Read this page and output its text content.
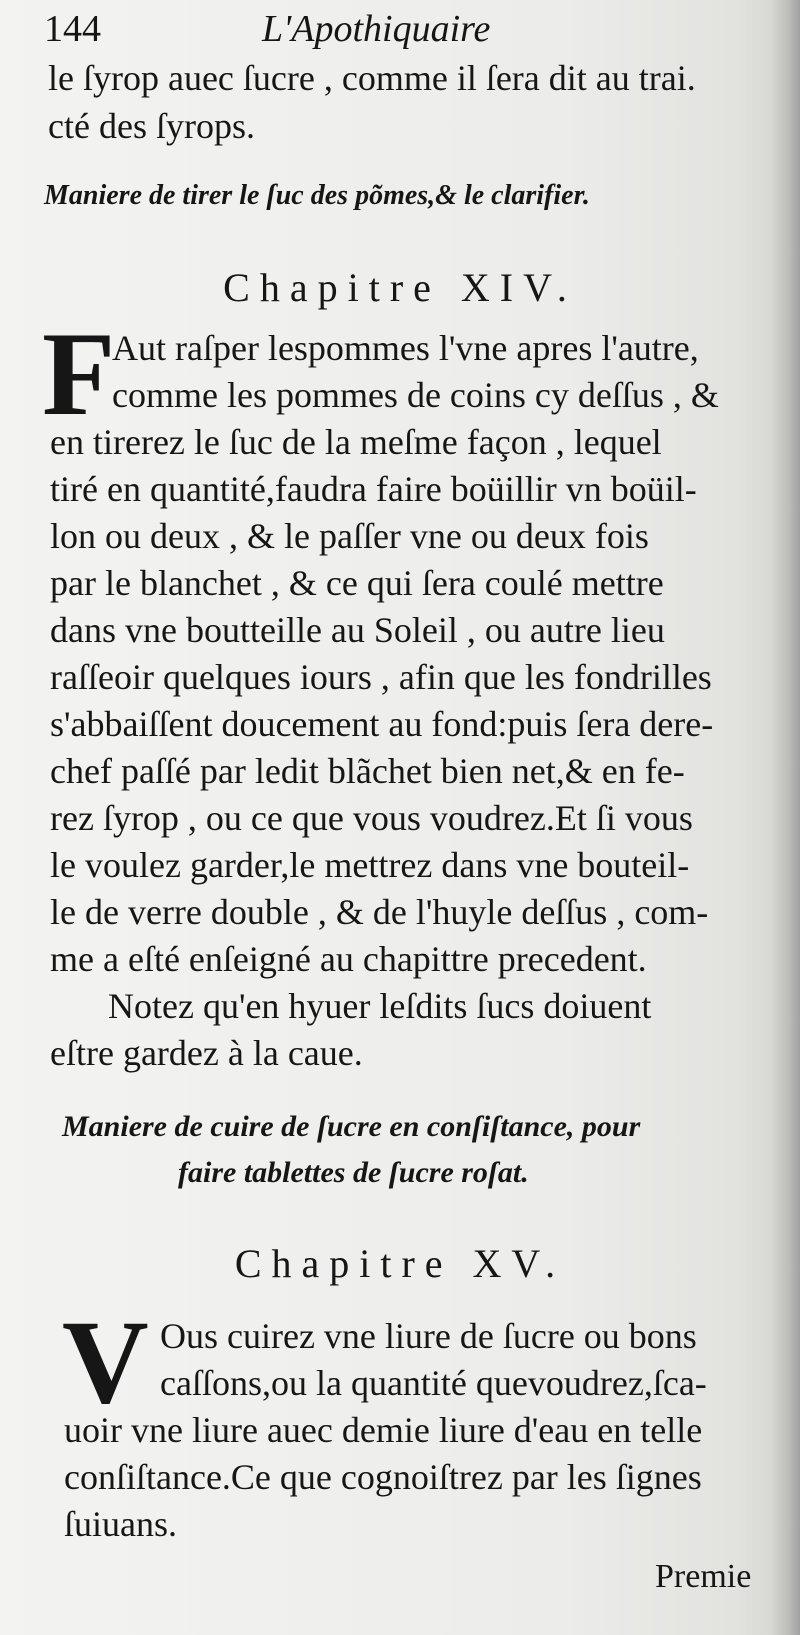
144	L'Apothiquaire
le ſyrop auec ſucre , comme il ſera dit au trai.
cté des ſyrops.
Maniere de tirer le ſuc des põmes,& le clarifier.
Chapitre XIV.
F
Aut raſper lespommes l'vne apres l'autre,
comme les pommes de coins cy deſſus , &
en tirerez le ſuc de la meſme façon , lequel
tiré en quantité,faudra faire boüillir vn boüil-
lon ou deux , & le paſſer vne ou deux fois
par le blanchet , & ce qui ſera coulé mettre
dans vne boutteille au Soleil , ou autre lieu
raſſeoir quelques iours , afin que les fondrilles
s'abbaiſſent doucement au fond:puis ſera dere-
chef paſſé par ledit blãchet bien net,& en fe-
rez ſyrop , ou ce que vous voudrez.Et ſi vous
le voulez garder,le mettrez dans vne bouteil-
le de verre double , & de l'huyle deſſus , com-
me a eſté enſeigné au chapittre precedent.
Notez qu'en hyuer leſdits ſucs doiuent
eſtre gardez à la caue.
Maniere de cuire de ſucre en conſiſtance, pour
faire tablettes de ſucre roſat.
Chapitre XV.
V Ous cuirez vne liure de ſucre ou bons
caſſons,ou la quantité quevoudrez,ſca-
uoir vne liure auec demie liure d'eau en telle
conſiſtance.Ce que cognoiſtrez par les ſignes
ſuiuans.
Premie
